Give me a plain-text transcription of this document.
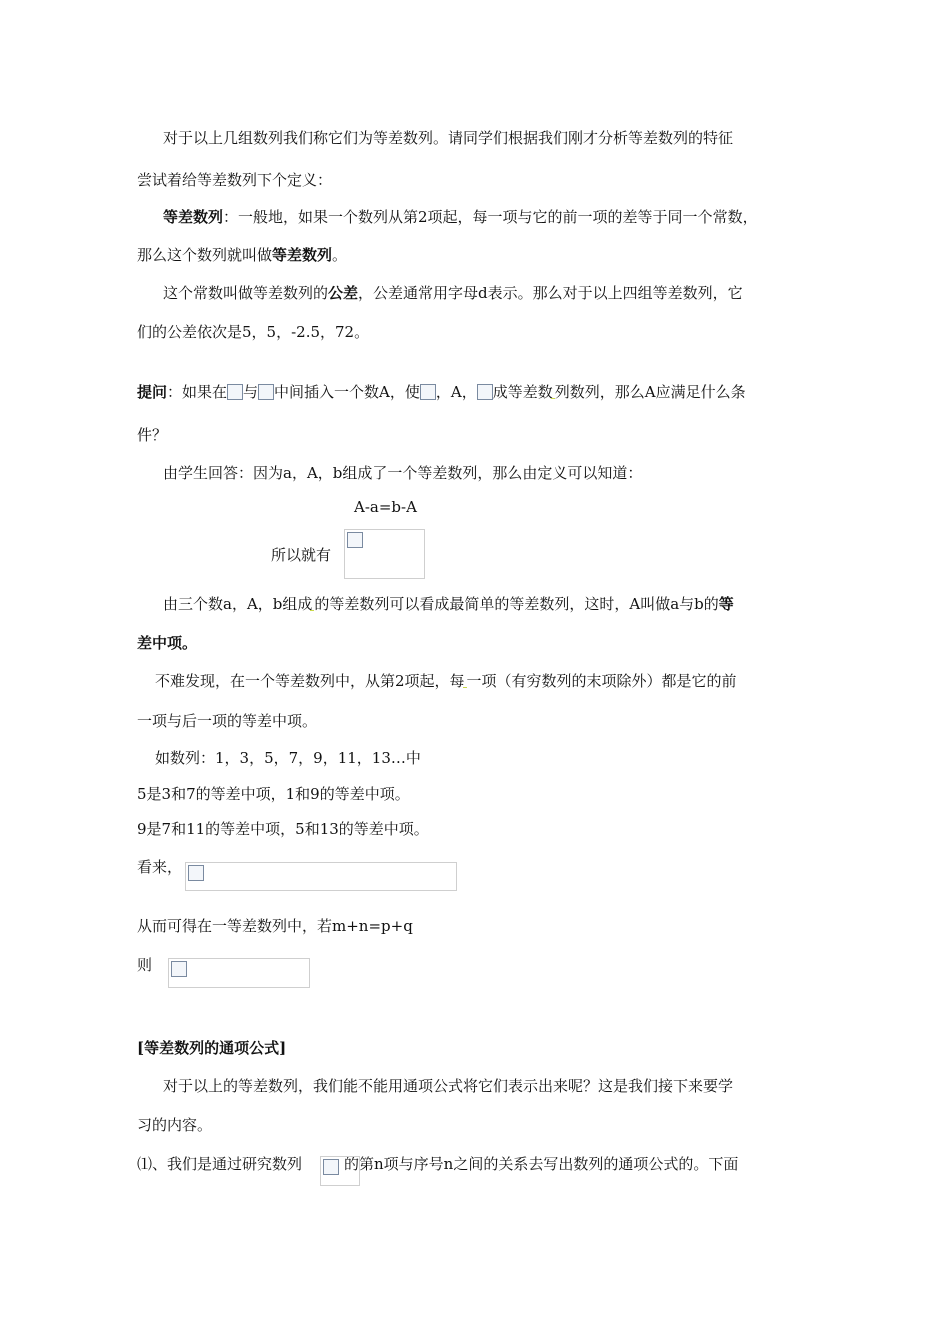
对于以上几组数列我们称它们为等差数列。请同学们根据我们刚才分析等差数列的特征
尝试着给等差数列下个定义：
等差数列：一般地，如果一个数列从第2项起，每一项与它的前一项的差等于同一个常数，
那么这个数列就叫做等差数列。
这个常数叫做等差数列的公差，公差通常用字母d表示。那么对于以上四组等差数列，它
们的公差依次是5，5，-2.5，72。
提问：如果在 与 中间插入一个数A，使 ，A， 成等差数 列数列，那么A应满足什么条
件？
由学生回答：因为a，A，b组成了一个等差数列，那么由定义可以知道：
A-a=b-A
所以就有
由三个数a，A，b组成 的等差数列可以看成最简单的等差数列，这时，A叫做a与b的等
差中项。
不难发现，在一个等差数列中，从第2项起，每 一项（有穷数列的末项除外）都是它的前
一项与后一项的等差中项。
如数列：1，3，5，7，9，11，13…中
5是3和7的等差中项，1和9的等差中项。
9是7和11的等差中项，5和13的等差中项。
看来，
从而可得在一等差数列中，若m+n=p+q
则
[等差数列的通项公式]
对于以上的等差数列，我们能不能用通项公式将它们表示出来呢？这是我们接下来要学
习的内容。
⑴、我们是通过研究数列	的第n项与序号n之间的关系去写出数列的通项公式的。下面
